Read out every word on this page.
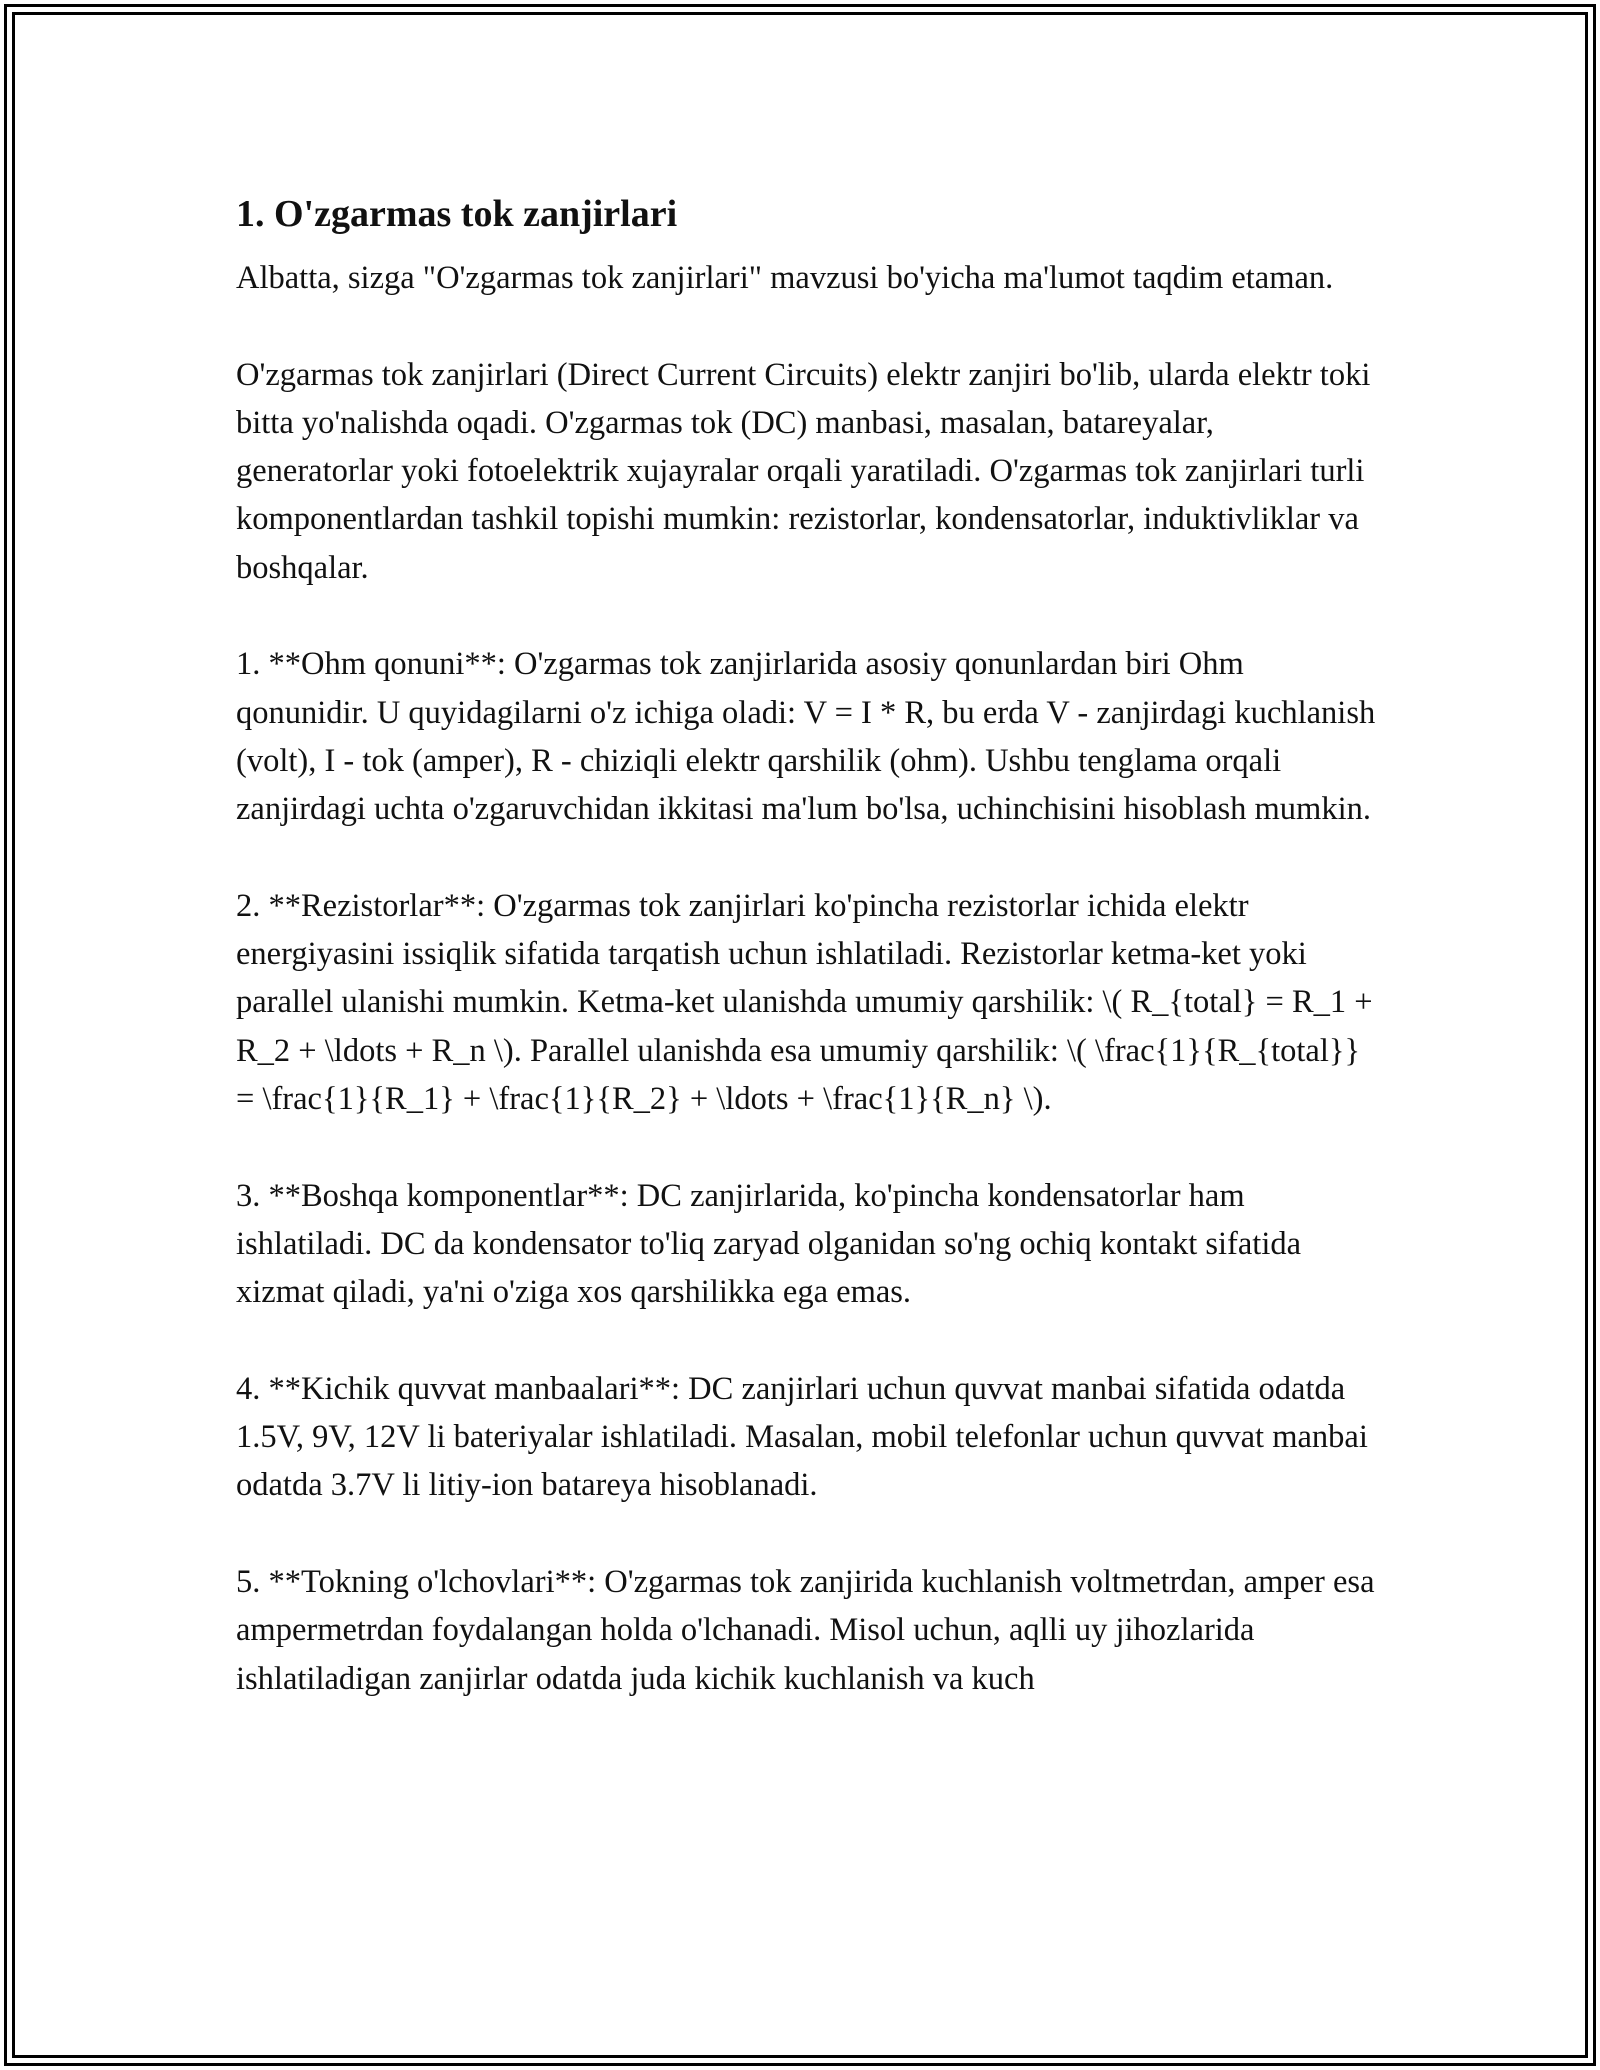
1. O'zgarmas tok zanjirlari

Albatta, sizga "O'zgarmas tok zanjirlari" mavzusi bo'yicha ma'lumot taqdim etaman.

O'zgarmas tok zanjirlari (Direct Current Circuits) elektr zanjiri bo'lib, ularda elektr toki bitta yo'nalishda oqadi. O'zgarmas tok (DC) manbasi, masalan, batareyalar, generatorlar yoki fotoelektrik xujayralar orqali yaratiladi. O'zgarmas tok zanjirlari turli komponentlardan tashkil topishi mumkin: rezistorlar, kondensatorlar, induktivliklar va boshqalar.

1. **Ohm qonuni**: O'zgarmas tok zanjirlarida asosiy qonunlardan biri Ohm qonunidir. U quyidagilarni o'z ichiga oladi: V = I * R, bu erda V - zanjirdagi kuchlanish (volt), I - tok (amper), R - chiziqli elektr qarshilik (ohm). Ushbu tenglama orqali zanjirdagi uchta o'zgaruvchidan ikkitasi ma'lum bo'lsa, uchinchisini hisoblash mumkin.

2. **Rezistorlar**: O'zgarmas tok zanjirlari ko'pincha rezistorlar ichida elektr energiyasini issiqlik sifatida tarqatish uchun ishlatiladi. Rezistorlar ketma-ket yoki parallel ulanishi mumkin. Ketma-ket ulanishda umumiy qarshilik: \( R_{total} = R_1 + R_2 + \ldots + R_n \). Parallel ulanishda esa umumiy qarshilik: \( \frac{1}{R_{total}} = \frac{1}{R_1} + \frac{1}{R_2} + \ldots + \frac{1}{R_n} \).

3. **Boshqa komponentlar**: DC zanjirlarida, ko'pincha kondensatorlar ham ishlatiladi. DC da kondensator to'liq zaryad olganidan so'ng ochiq kontakt sifatida xizmat qiladi, ya'ni o'ziga xos qarshilikka ega emas.

4. **Kichik quvvat manbaalari**: DC zanjirlari uchun quvvat manbai sifatida odatda 1.5V, 9V, 12V li bateriyalar ishlatiladi. Masalan, mobil telefonlar uchun quvvat manbai odatda 3.7V li litiy-ion batareya hisoblanadi.

5. **Tokning o'lchovlari**: O'zgarmas tok zanjirida kuchlanish voltmetrdan, amper esa ampermetrdan foydalangan holda o'lchanadi. Misol uchun, aqlli uy jihozlarida ishlatiladigan zanjirlar odatda juda kichik kuchlanish va kuch
